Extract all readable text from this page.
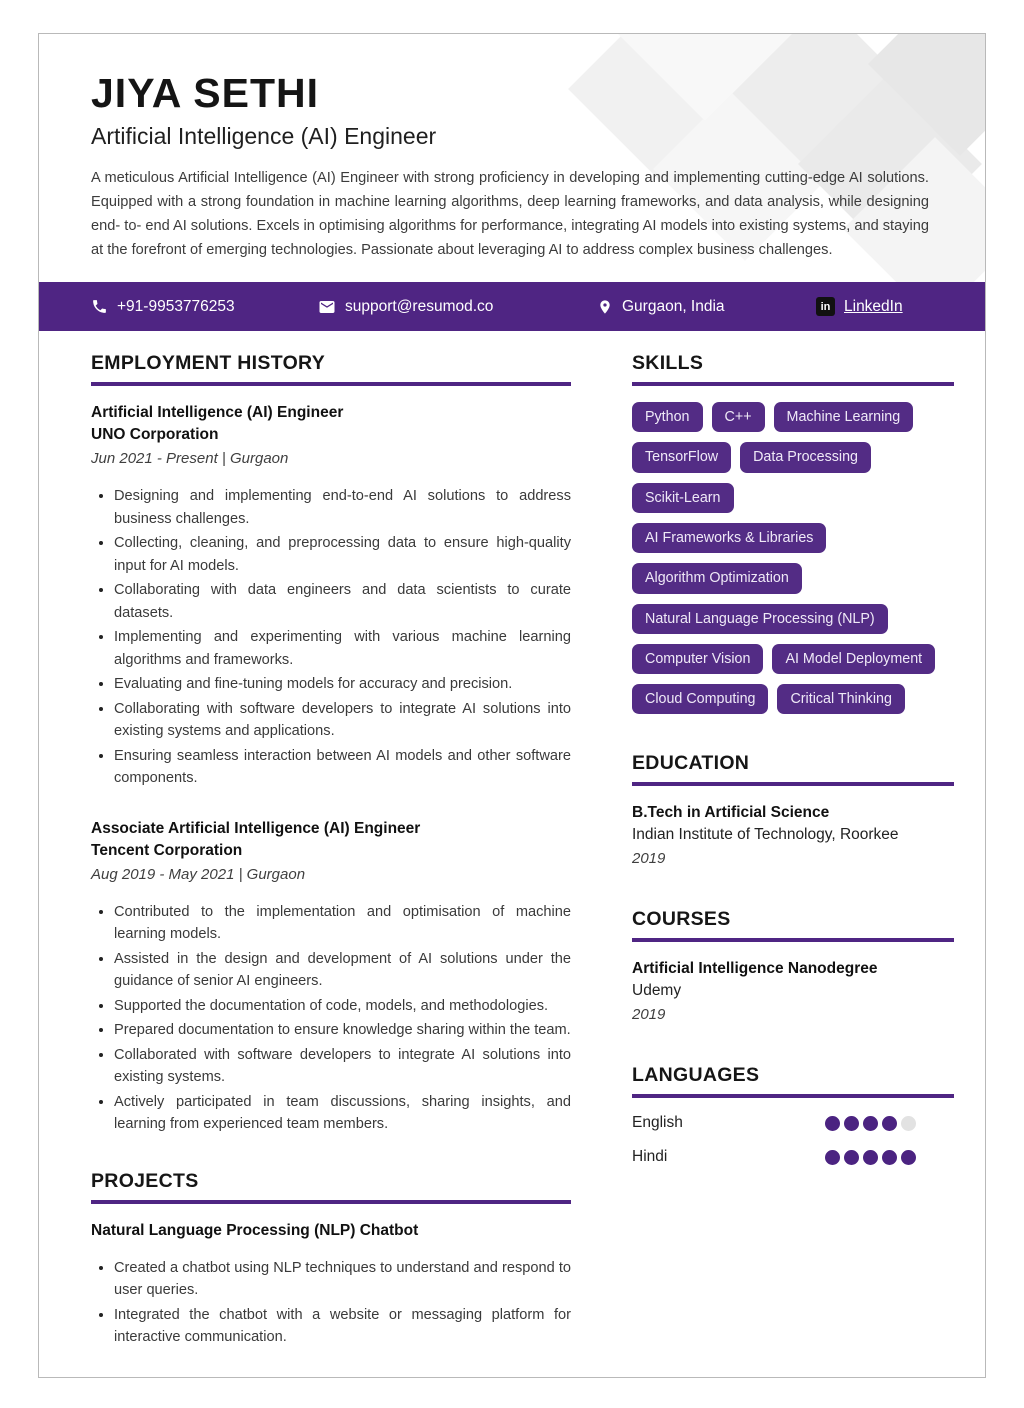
JIYA SETHI
Artificial Intelligence (AI) Engineer

A meticulous Artificial Intelligence (AI) Engineer with strong proficiency in developing and implementing cutting-edge AI solutions. Equipped with a strong foundation in machine learning algorithms, deep learning frameworks, and data analysis, while designing end- to- end AI solutions. Excels in optimising algorithms for performance, integrating AI models into existing systems, and staying at the forefront of emerging technologies. Passionate about leveraging AI to address complex business challenges.

+91-9953776253	support@resumod.co	Gurgaon, India	in LinkedIn
EMPLOYMENT HISTORY
Artificial Intelligence (AI) Engineer
UNO Corporation
Jun 2021 - Present | Gurgaon
• Designing and implementing end-to-end AI solutions to address business challenges.
• Collecting, cleaning, and preprocessing data to ensure high-quality input for AI models.
• Collaborating with data engineers and data scientists to curate datasets.
• Implementing and experimenting with various machine learning algorithms and frameworks.
• Evaluating and fine-tuning models for accuracy and precision.
• Collaborating with software developers to integrate AI solutions into existing systems and applications.
• Ensuring seamless interaction between AI models and other software components.
Associate Artificial Intelligence (AI) Engineer
Tencent Corporation
Aug 2019 - May 2021 | Gurgaon
• Contributed to the implementation and optimisation of machine learning models.
• Assisted in the design and development of AI solutions under the guidance of senior AI engineers.
• Supported the documentation of code, models, and methodologies.
• Prepared documentation to ensure knowledge sharing within the team.
• Collaborated with software developers to integrate AI solutions into existing systems.
• Actively participated in team discussions, sharing insights, and learning from experienced team members.
PROJECTS
Natural Language Processing (NLP) Chatbot
• Created a chatbot using NLP techniques to understand and respond to user queries.
• Integrated the chatbot with a website or messaging platform for interactive communication.
SKILLS
Python	C++	Machine Learning
TensorFlow	Data Processing
Scikit-Learn
AI Frameworks & Libraries
Algorithm Optimization
Natural Language Processing (NLP)
Computer Vision	AI Model Deployment
Cloud Computing	Critical Thinking
EDUCATION
B.Tech in Artificial Science
Indian Institute of Technology, Roorkee
2019
COURSES
Artificial Intelligence Nanodegree
Udemy
2019
LANGUAGES
English
Hindi
